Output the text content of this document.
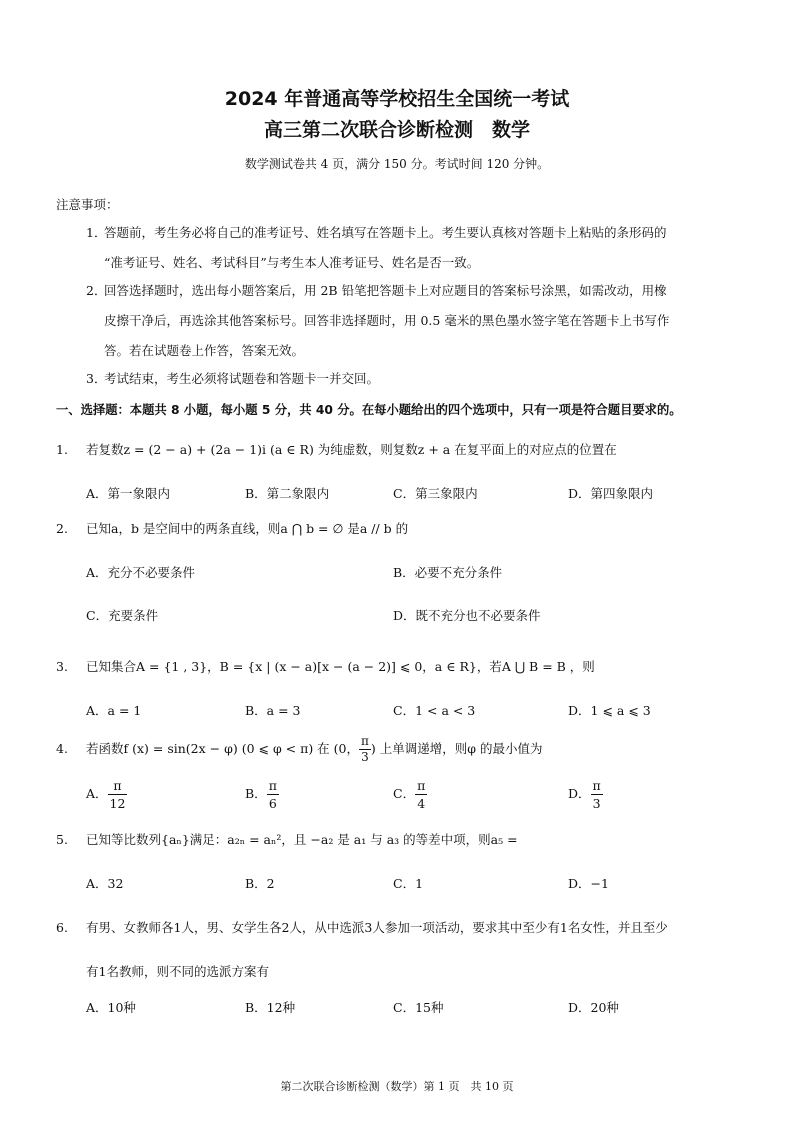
2024 年普通高等学校招生全国统一考试
高三第二次联合诊断检测　数学
数学测试卷共 4 页，满分 150 分。考试时间 120 分钟。
注意事项：
1．答题前，考生务必将自己的准考证号、姓名填写在答题卡上。考生要认真核对答题卡上粘贴的条形码的
“准考证号、姓名、考试科目”与考生本人准考证号、姓名是否一致。
2．回答选择题时，选出每小题答案后，用 2B 铅笔把答题卡上对应题目的答案标号涂黑，如需改动，用橡
皮擦干净后，再选涂其他答案标号。回答非选择题时，用 0.5 毫米的黑色墨水签字笔在答题卡上书写作
答。若在试题卷上作答，答案无效。
3．考试结束，考生必须将试题卷和答题卡一并交回。
一、选择题：本题共 8 小题，每小题 5 分，共 40 分。在每小题给出的四个选项中，只有一项是符合题目要求的。
1. 若复数z = (2 − a) + (2a − 1)i (a ∈ R) 为纯虚数，则复数z + a 在复平面上的对应点的位置在
A．第一象限内	B．第二象限内	C．第三象限内	D．第四象限内
2. 已知a，b 是空间中的两条直线，则a ⋂ b = ∅ 是a // b 的
A．充分不必要条件	B．必要不充分条件
C．充要条件	D．既不充分也不必要条件
3. 已知集合A = {1 , 3}，B = {x | (x − a)[x − (a − 2)] ⩽ 0，a ∈ R}，若A ⋃ B = B ，则
A．a = 1	B．a = 3	C．1 < a < 3	D．1 ⩽ a ⩽ 3
4. 若函数f (x) = sin(2x − φ) (0 ⩽ φ < π) 在 (0， $\frac{\pi}{3}$ ) 上单调递增，则φ 的最小值为
A． $\frac{\pi}{12}$	B． $\frac{\pi}{6}$	C． $\frac{\pi}{4}$	D． $\frac{\pi}{3}$
5. 已知等比数列{aₙ}满足：a₂ₙ = aₙ²，且 −a₂ 是 a₁ 与 a₃ 的等差中项，则a₅ =
A．32	B．2	C．1	D．−1
6. 有男、女教师各1人，男、女学生各2人，从中选派3人参加一项活动，要求其中至少有1名女性，并且至少
有1名教师，则不同的选派方案有
A．10种	B．12种	C．15种	D．20种
第二次联合诊断检测（数学）第 1 页　共 10 页
